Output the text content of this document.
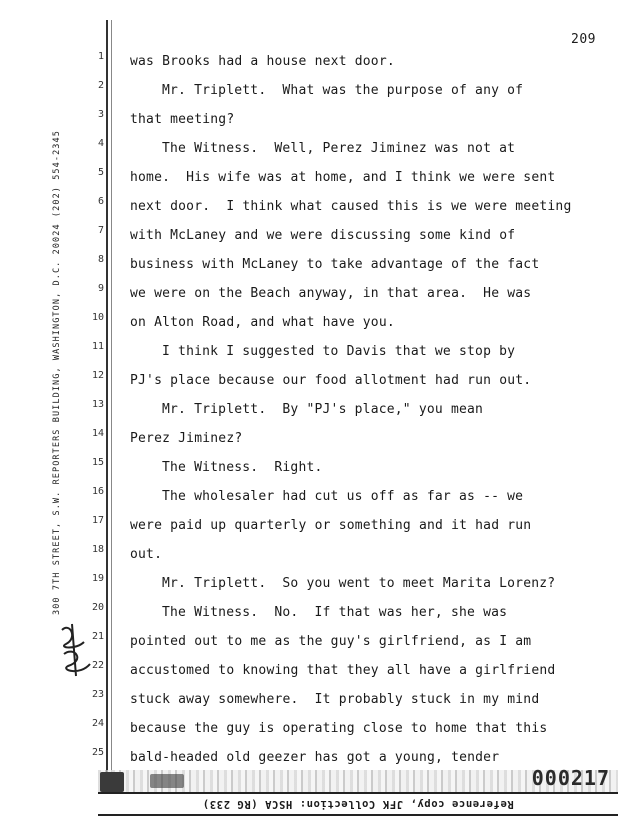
209
300 7TH STREET, S.W. REPORTERS BUILDING, WASHINGTON, D.C. 20024 (202) 554-2345
1
2
3
4
5
6
7
8
9
10
11
12
13
14
15
16
17
18
19
20
21
22
23
24
25
was Brooks had a house next door.
Mr. Triplett.  What was the purpose of any of
that meeting?
The Witness.  Well, Perez Jiminez was not at
home.  His wife was at home, and I think we were sent
next door.  I think what caused this is we were meeting
with McLaney and we were discussing some kind of
business with McLaney to take advantage of the fact
we were on the Beach anyway, in that area.  He was
on Alton Road, and what have you.
I think I suggested to Davis that we stop by
PJ's place because our food allotment had run out.
Mr. Triplett.  By "PJ's place," you mean
Perez Jiminez?
The Witness.  Right.
The wholesaler had cut us off as far as -- we
were paid up quarterly or something and it had run
out.
Mr. Triplett.  So you went to meet Marita Lorenz?
The Witness.  No.  If that was her, she was
pointed out to me as the guy's girlfriend, as I am
accustomed to knowing that they all have a girlfriend
stuck away somewhere.  It probably stuck in my mind
because the guy is operating close to home that this
bald-headed old geezer has got a young, tender
000217
Reference copy, JFK Collection: HSCA (RG 233)
